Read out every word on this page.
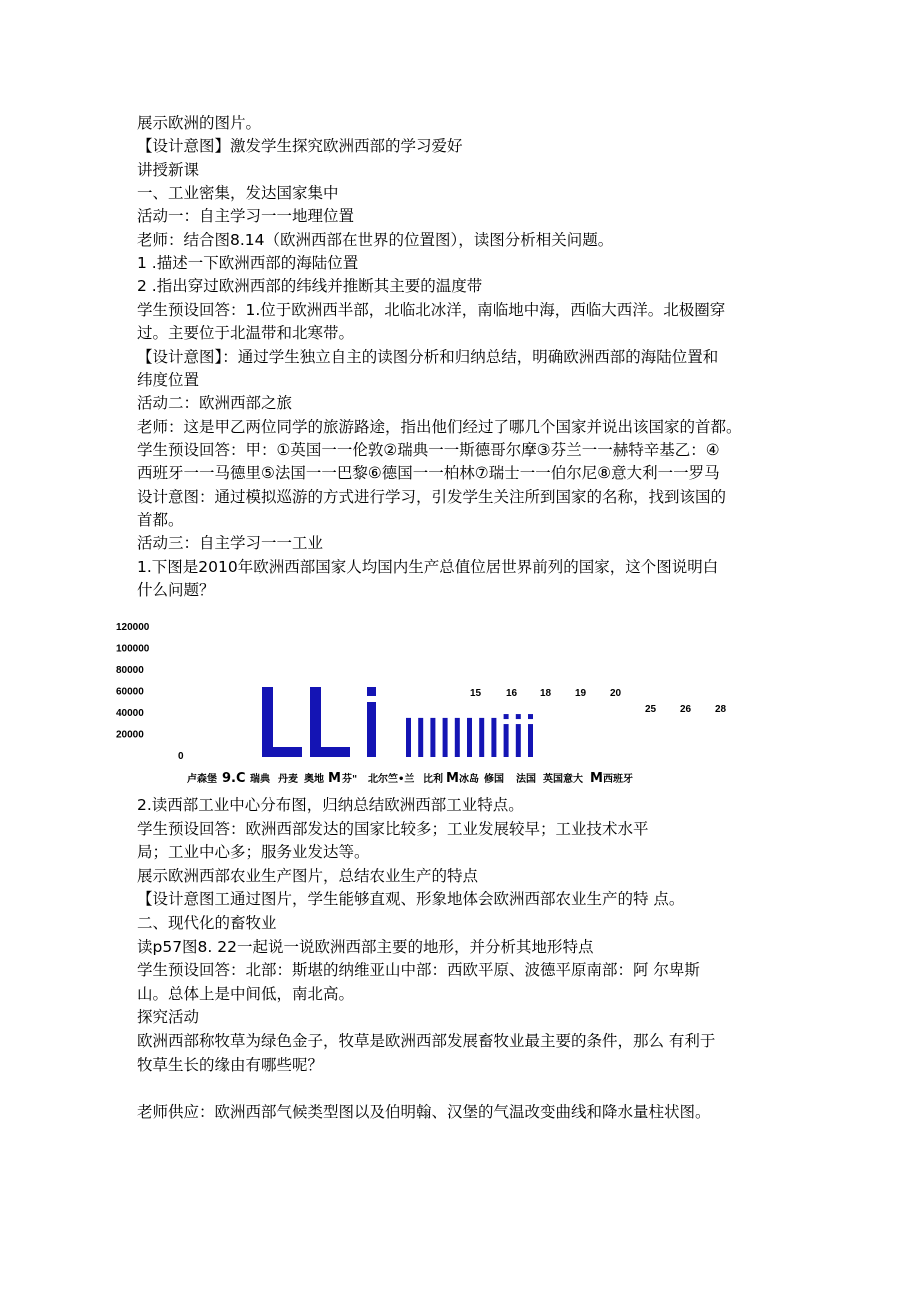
展示欧洲的图片。

【设计意图】激发学生探究欧洲西部的学习爱好

讲授新课

一、工业密集，发达国家集中

活动一：自主学习一一地理位置

老师：结合图8.14（欧洲西部在世界的位置图），读图分析相关问题。

1 .描述一下欧洲西部的海陆位置

2 .指出穿过欧洲西部的纬线并推断其主要的温度带

学生预设回答：1.位于欧洲西半部，北临北冰洋，南临地中海，西临大西洋。北极圈穿

过。主要位于北温带和北寒带。

【设计意图】：通过学生独立自主的读图分析和归纳总结，明确欧洲西部的海陆位置和

纬度位置

活动二：欧洲西部之旅

老师：这是甲乙两位同学的旅游路途，指出他们经过了哪几个国家并说出该国家的首都。

学生预设回答：甲：①英国一一伦敦②瑞典一一斯德哥尔摩③芬兰一一赫特辛基乙：④

西班牙一一马德里⑤法国一一巴黎⑥德国一一柏林⑦瑞士一一伯尔尼⑧意大利一一罗马

设计意图：通过模拟巡游的方式进行学习，引发学生关注所到国家的名称，找到该国的

首都。

活动三：自主学习一一工业

1.下图是2010年欧洲西部国家人均国内生产总值位居世界前列的国家，这个图说明白

什么问题？

120000
100000
80000
60000
40000
20000
0
15 16 18 19 20
25 26 28
卢森堡 9.C 瑞典 丹麦 奥地 M 芬" 北尔竺•兰 比利 M 冰岛 修国 法国 英国意大 M 西班牙

2.读西部工业中心分布图，归纳总结欧洲西部工业特点。

学生预设回答：欧洲西部发达的国家比较多；工业发展较早；工业技术水平

局；工业中心多；服务业发达等。

展示欧洲西部农业生产图片，总结农业生产的特点

【设计意图工通过图片，学生能够直观、形象地体会欧洲西部农业生产的特 点。

二、现代化的畜牧业

读p57图8. 22一起说一说欧洲西部主要的地形，并分析其地形特点

学生预设回答：北部：斯堪的纳维亚山中部：西欧平原、波德平原南部：阿 尔卑斯

山。总体上是中间低，南北高。

探究活动

欧洲西部称牧草为绿色金子，牧草是欧洲西部发展畜牧业最主要的条件，那么 有利于

牧草生长的缘由有哪些呢？

老师供应：欧洲西部气候类型图以及伯明翰、汉堡的气温改变曲线和降水量柱状图。
